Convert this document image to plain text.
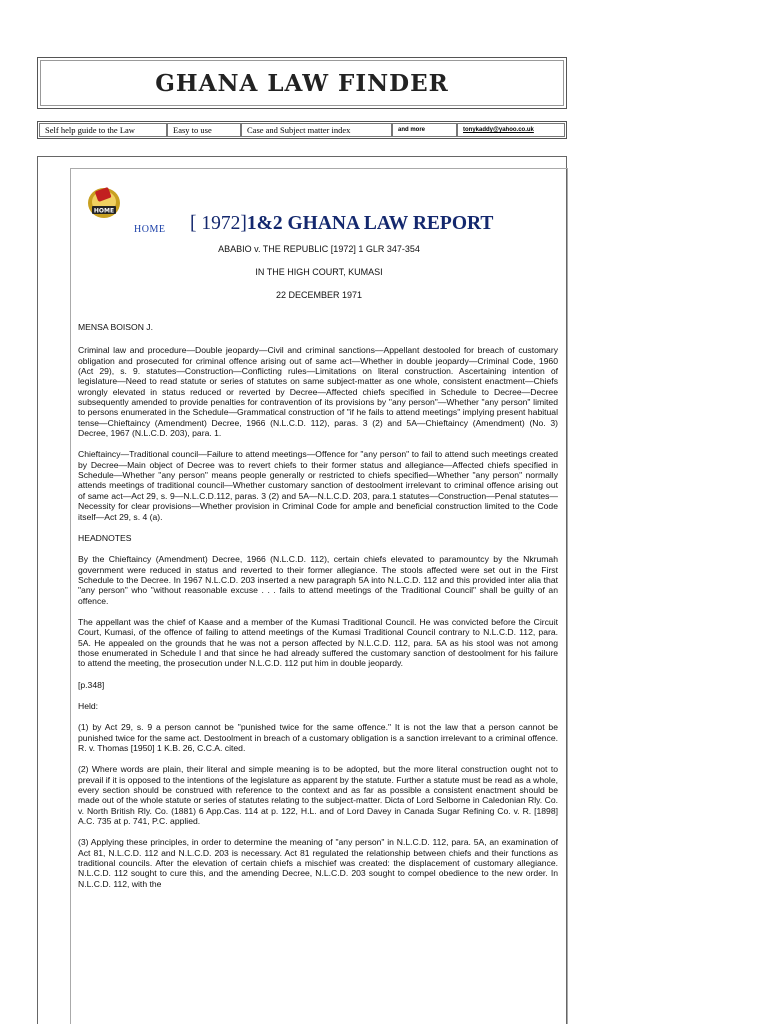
GHANA LAW FINDER
Self help guide to the Law	Easy to use	Case and Subject matter index	and more	tonykaddy@yahoo.co.uk
HOME
HOME [ 1972]1&2 GHANA LAW REPORT
ABABIO v. THE REPUBLIC [1972] 1 GLR 347-354
IN THE HIGH COURT, KUMASI
22 DECEMBER 1971

MENSA BOISON J.

Criminal law and procedure—Double jeopardy—Civil and criminal sanctions—Appellant destooled for breach of customary obligation and prosecuted for criminal offence arising out of same act—Whether in double jeopardy—Criminal Code, 1960 (Act 29), s. 9. statutes—Construction—Conflicting rules—Limitations on literal construction. Ascertaining intention of legislature—Need to read statute or series of statutes on same subject-matter as one whole, consistent enactment—Chiefs wrongly elevated in status reduced or reverted by Decree—Affected chiefs specified in Schedule to Decree—Decree subsequently amended to provide penalties for contravention of its provisions by "any person"—Whether "any person" limited to persons enumerated in the Schedule—Grammatical construction of "if he fails to attend meetings" implying present habitual tense—Chieftaincy (Amendment) Decree, 1966 (N.L.C.D. 112), paras. 3 (2) and 5A—Chieftaincy (Amendment) (No. 3) Decree, 1967 (N.L.C.D. 203), para. 1.

Chieftaincy—Traditional council—Failure to attend meetings—Offence for "any person" to fail to attend such meetings created by Decree—Main object of Decree was to revert chiefs to their former status and allegiance—Affected chiefs specified in Schedule—Whether "any person" means people generally or restricted to chiefs specified—Whether "any person" normally attends meetings of traditional council—Whether customary sanction of destoolment irrelevant to criminal offence arising out of same act—Act 29, s. 9—N.L.C.D.112, paras. 3 (2) and 5A—N.L.C.D. 203, para.1 statutes—Construction—Penal statutes—Necessity for clear provisions—Whether provision in Criminal Code for ample and beneficial construction limited to the Code itself—Act 29, s. 4 (a).

HEADNOTES

By the Chieftaincy (Amendment) Decree, 1966 (N.L.C.D. 112), certain chiefs elevated to paramountcy by the Nkrumah government were reduced in status and reverted to their former allegiance. The stools affected were set out in the First Schedule to the Decree. In 1967 N.L.C.D. 203 inserted a new paragraph 5A into N.L.C.D. 112 and this provided inter alia that "any person" who "without reasonable excuse . . . fails to attend meetings of the Traditional Council" shall be guilty of an offence.

The appellant was the chief of Kaase and a member of the Kumasi Traditional Council. He was convicted before the Circuit Court, Kumasi, of the offence of failing to attend meetings of the Kumasi Traditional Council contrary to N.L.C.D. 112, para. 5A. He appealed on the grounds that he was not a person affected by N.L.C.D. 112, para. 5A as his stool was not among those enumerated in Schedule I and that since he had already suffered the customary sanction of destoolment for his failure to attend the meeting, the prosecution under N.L.C.D. 112 put him in double jeopardy.

[p.348]

Held:

(1) by Act 29, s. 9 a person cannot be "punished twice for the same offence." It is not the law that a person cannot be punished twice for the same act. Destoolment in breach of a customary obligation is a sanction irrelevant to a criminal offence. R. v. Thomas [1950] 1 K.B. 26, C.C.A. cited.

(2) Where words are plain, their literal and simple meaning is to be adopted, but the more literal construction ought not to prevail if it is opposed to the intentions of the legislature as apparent by the statute. Further a statute must be read as a whole, every section should be construed with reference to the context and as far as possible a consistent enactment should be made out of the whole statute or series of statutes relating to the subject-matter. Dicta of Lord Selborne in Caledonian Rly. Co. v. North British Rly. Co. (1881) 6 App.Cas. 114 at p. 122, H.L. and of Lord Davey in Canada Sugar Refining Co. v. R. [1898] A.C. 735 at p. 741, P.C. applied.

(3) Applying these principles, in order to determine the meaning of "any person" in N.L.C.D. 112, para. 5A, an examination of Act 81, N.L.C.D. 112 and N.L.C.D. 203 is necessary. Act 81 regulated the relationship between chiefs and their functions as traditional councils. After the elevation of certain chiefs a mischief was created: the displacement of customary allegiance. N.L.C.D. 112 sought to cure this, and the amending Decree, N.L.C.D. 203 sought to compel obedience to the new order. In N.L.C.D. 112, with the
